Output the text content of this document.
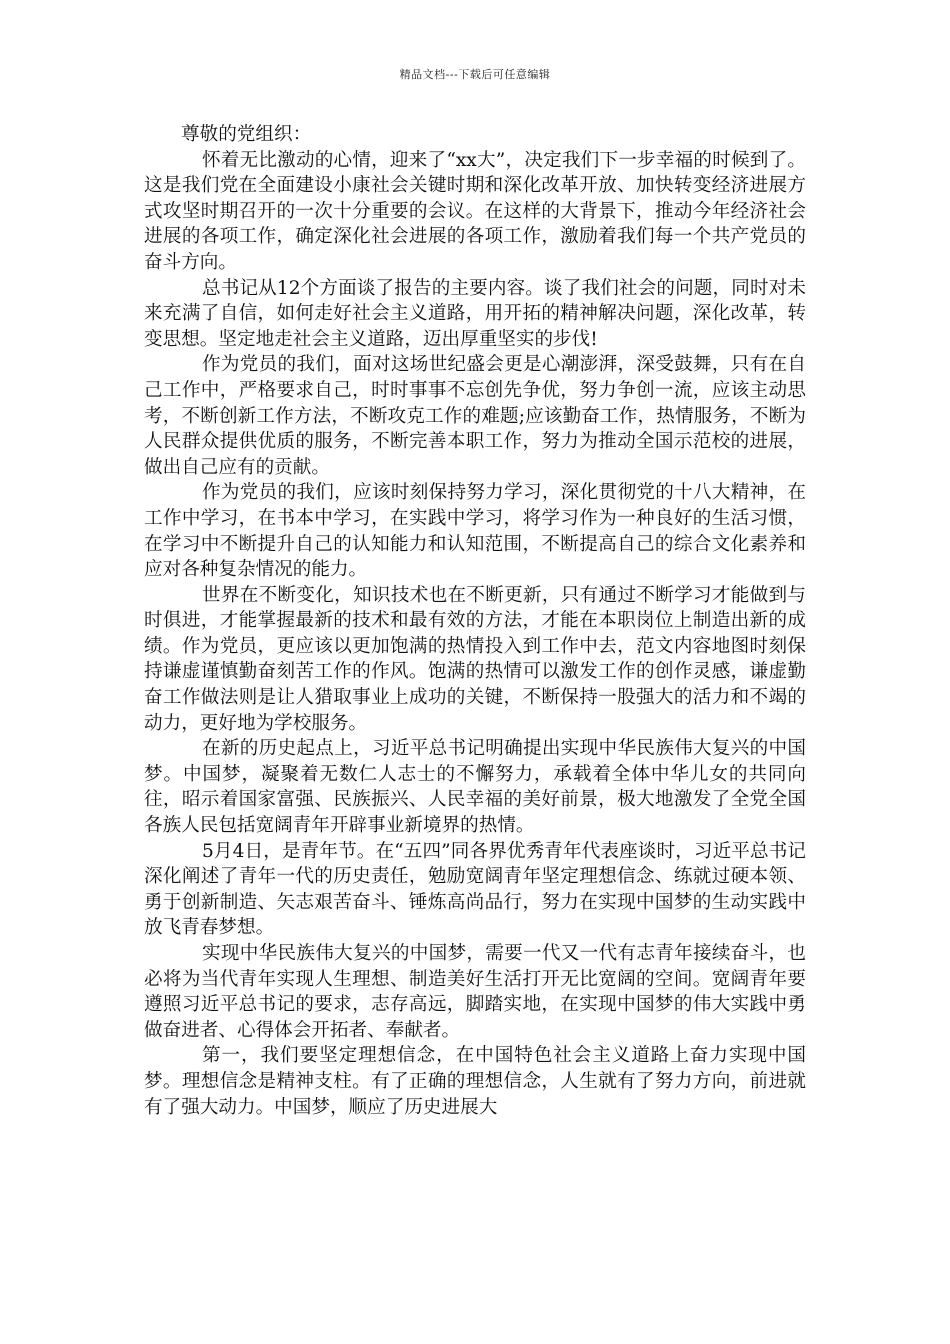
精品文档---下载后可任意编辑

尊敬的党组织：

怀着无比激动的心情，迎来了“xx大”，决定我们下一步幸福的时候到了。这是我们党在全面建设小康社会关键时期和深化改革开放、加快转变经济进展方式攻坚时期召开的一次十分重要的会议。在这样的大背景下，推动今年经济社会进展的各项工作，确定深化社会进展的各项工作，激励着我们每一个共产党员的奋斗方向。

总书记从12个方面谈了报告的主要内容。谈了我们社会的问题，同时对未来充满了自信，如何走好社会主义道路，用开拓的精神解决问题，深化改革，转变思想。坚定地走社会主义道路，迈出厚重坚实的步伐!

作为党员的我们，面对这场世纪盛会更是心潮澎湃，深受鼓舞，只有在自己工作中，严格要求自己，时时事事不忘创先争优，努力争创一流，应该主动思考，不断创新工作方法，不断攻克工作的难题;应该勤奋工作，热情服务，不断为人民群众提供优质的服务，不断完善本职工作，努力为推动全国示范校的进展，做出自己应有的贡献。

作为党员的我们，应该时刻保持努力学习，深化贯彻党的十八大精神，在工作中学习，在书本中学习，在实践中学习，将学习作为一种良好的生活习惯，在学习中不断提升自己的认知能力和认知范围，不断提高自己的综合文化素养和应对各种复杂情况的能力。

世界在不断变化，知识技术也在不断更新，只有通过不断学习才能做到与时俱进，才能掌握最新的技术和最有效的方法，才能在本职岗位上制造出新的成绩。作为党员，更应该以更加饱满的热情投入到工作中去，范文内容地图时刻保持谦虚谨慎勤奋刻苦工作的作风。饱满的热情可以激发工作的创作灵感，谦虚勤奋工作做法则是让人猎取事业上成功的关键，不断保持一股强大的活力和不竭的动力，更好地为学校服务。

在新的历史起点上，习近平总书记明确提出实现中华民族伟大复兴的中国梦。中国梦，凝聚着无数仁人志士的不懈努力，承载着全体中华儿女的共同向往，昭示着国家富强、民族振兴、人民幸福的美好前景，极大地激发了全党全国各族人民包括宽阔青年开辟事业新境界的热情。

5月4日，是青年节。在“五四”同各界优秀青年代表座谈时，习近平总书记深化阐述了青年一代的历史责任，勉励宽阔青年坚定理想信念、练就过硬本领、勇于创新制造、矢志艰苦奋斗、锤炼高尚品行，努力在实现中国梦的生动实践中放飞青春梦想。

实现中华民族伟大复兴的中国梦，需要一代又一代有志青年接续奋斗，也必将为当代青年实现人生理想、制造美好生活打开无比宽阔的空间。宽阔青年要遵照习近平总书记的要求，志存高远，脚踏实地，在实现中国梦的伟大实践中勇做奋进者、心得体会开拓者、奉献者。

第一，我们要坚定理想信念，在中国特色社会主义道路上奋力实现中国梦。理想信念是精神支柱。有了正确的理想信念，人生就有了努力方向，前进就有了强大动力。中国梦，顺应了历史进展大
